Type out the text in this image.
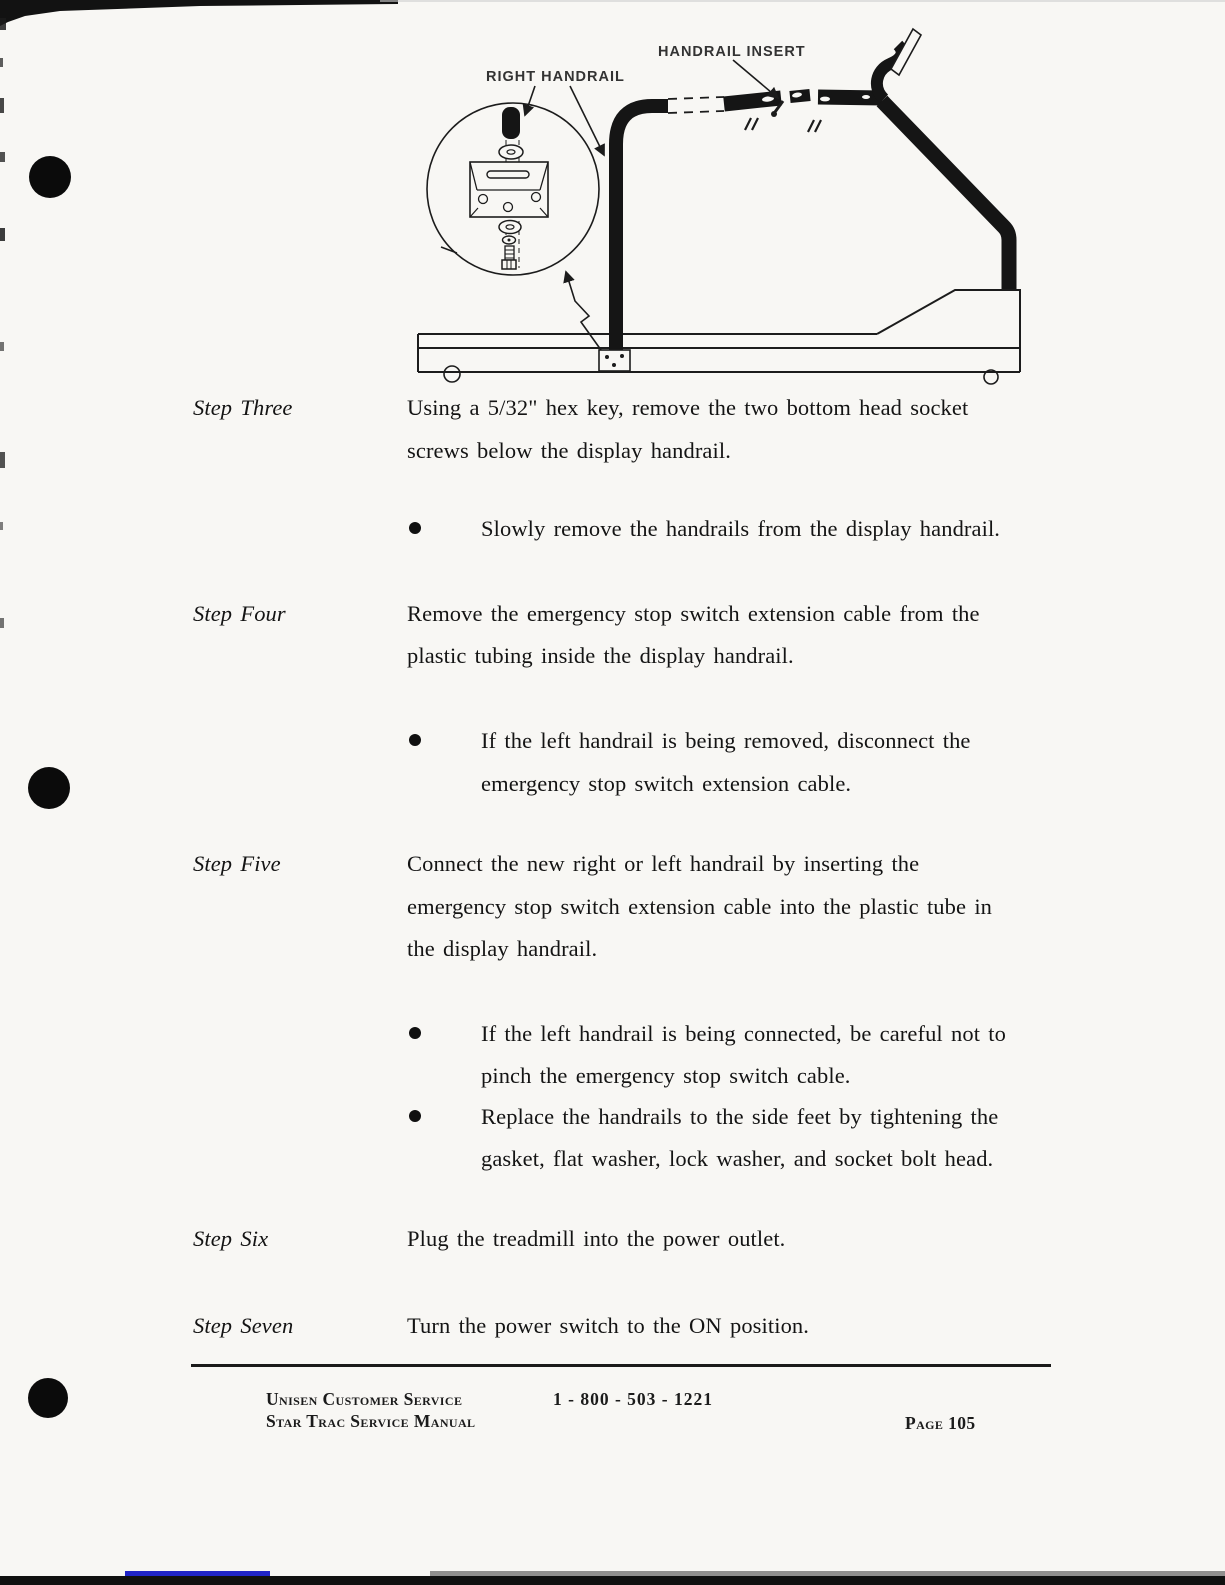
HANDRAIL INSERT
RIGHT HANDRAIL
Step Three	Using a 5/32" hex key, remove the two bottom head socket
screws below the display handrail.
Slowly remove the handrails from the display handrail.
Step Four	Remove the emergency stop switch extension cable from the
plastic tubing inside the display handrail.
If the left handrail is being removed, disconnect the
emergency stop switch extension cable.
Step Five	Connect the new right or left handrail by inserting the
emergency stop switch extension cable into the plastic tube in
the display handrail.
If the left handrail is being connected, be careful not to
pinch the emergency stop switch cable.
Replace the handrails to the side feet by tightening the
gasket, flat washer, lock washer, and socket bolt head.
Step Six	Plug the treadmill into the power outlet.
Step Seven	Turn the power switch to the ON position.
Unisen Customer Service	1 - 800 - 503 - 1221
Star Trac Service Manual	Page 105
